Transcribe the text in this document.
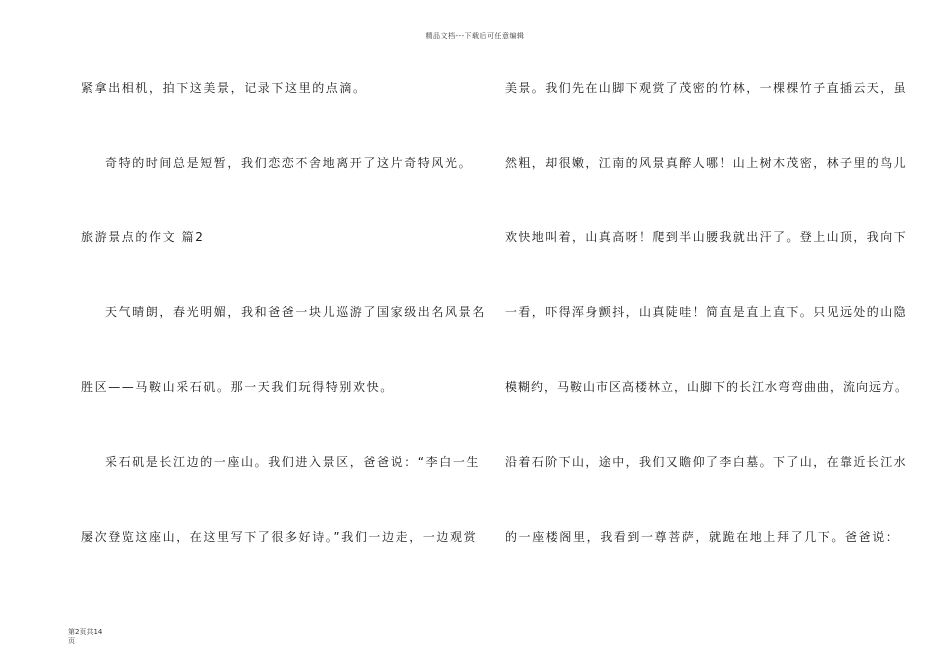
精品文档---下载后可任意编辑
紧拿出相机，拍下这美景，记录下这里的点滴。
奇特的时间总是短暂，我们恋恋不舍地离开了这片奇特风光。
旅游景点的作文 篇2
天气晴朗，春光明媚，我和爸爸一块儿巡游了国家级出名风景名
胜区——马鞍山采石矶。那一天我们玩得特别欢快。
采石矶是长江边的一座山。我们进入景区，爸爸说：“李白一生
屡次登览这座山，在这里写下了很多好诗。”我们一边走，一边观赏
美景。我们先在山脚下观赏了茂密的竹林，一棵棵竹子直插云天，虽
然粗，却很嫩，江南的风景真醉人哪！山上树木茂密，林子里的鸟儿
欢快地叫着，山真高呀！爬到半山腰我就出汗了。登上山顶，我向下
一看，吓得浑身颤抖，山真陡哇！简直是直上直下。只见远处的山隐
模糊约，马鞍山市区高楼林立，山脚下的长江水弯弯曲曲，流向远方。
沿着石阶下山，途中，我们又瞻仰了李白墓。下了山，在靠近长江水
的一座楼阁里，我看到一尊菩萨，就跪在地上拜了几下。爸爸说：
第2页共14
页
